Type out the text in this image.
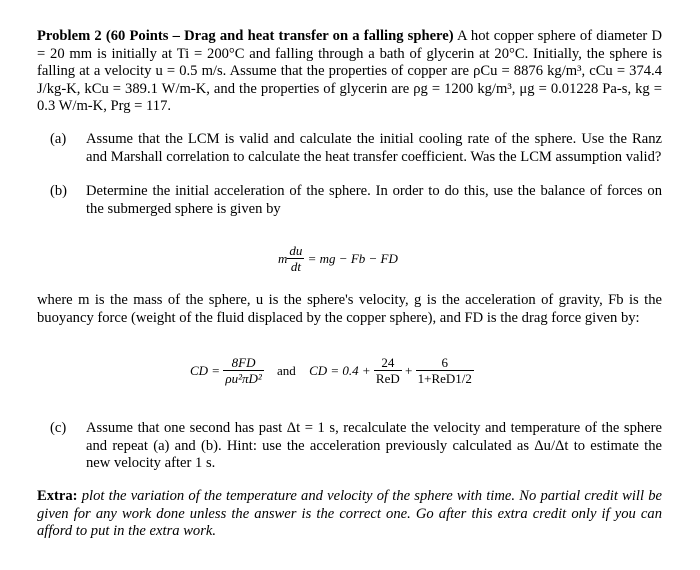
Problem 2 (60 Points – Drag and heat transfer on a falling sphere) A hot copper sphere of diameter D = 20 mm is initially at Ti = 200°C and falling through a bath of glycerin at 20°C. Initially, the sphere is falling at a velocity u = 0.5 m/s. Assume that the properties of copper are ρCu = 8876 kg/m³, cCu = 374.4 J/kg-K, kCu = 389.1 W/m-K, and the properties of glycerin are ρg = 1200 kg/m³, μg = 0.01228 Pa-s, kg = 0.3 W/m-K, Prg = 117.
(a) Assume that the LCM is valid and calculate the initial cooling rate of the sphere. Use the Ranz and Marshall correlation to calculate the heat transfer coefficient. Was the LCM assumption valid?
(b) Determine the initial acceleration of the sphere. In order to do this, use the balance of forces on the submerged sphere is given by
m $\frac{du}{dt}$ = mg − Fb − FD
where m is the mass of the sphere, u is the sphere's velocity, g is the acceleration of gravity, Fb is the buoyancy force (weight of the fluid displaced by the copper sphere), and FD is the drag force given by:
CD = $\frac{8FD}{\text{ρu²πD²}}$ and CD = $0.4 + \frac{24}{\text{ReD}} + \frac{6}{\text{1+ReD1/2}}$
(c) Assume that one second has past Δt = 1 s, recalculate the velocity and temperature of the sphere and repeat (a) and (b). Hint: use the acceleration previously calculated as Δu/Δt to estimate the new velocity after 1 s.
Extra: plot the variation of the temperature and velocity of the sphere with time. No partial credit will be given for any work done unless the answer is the correct one. Go after this extra credit only if you can afford to put in the extra work.
